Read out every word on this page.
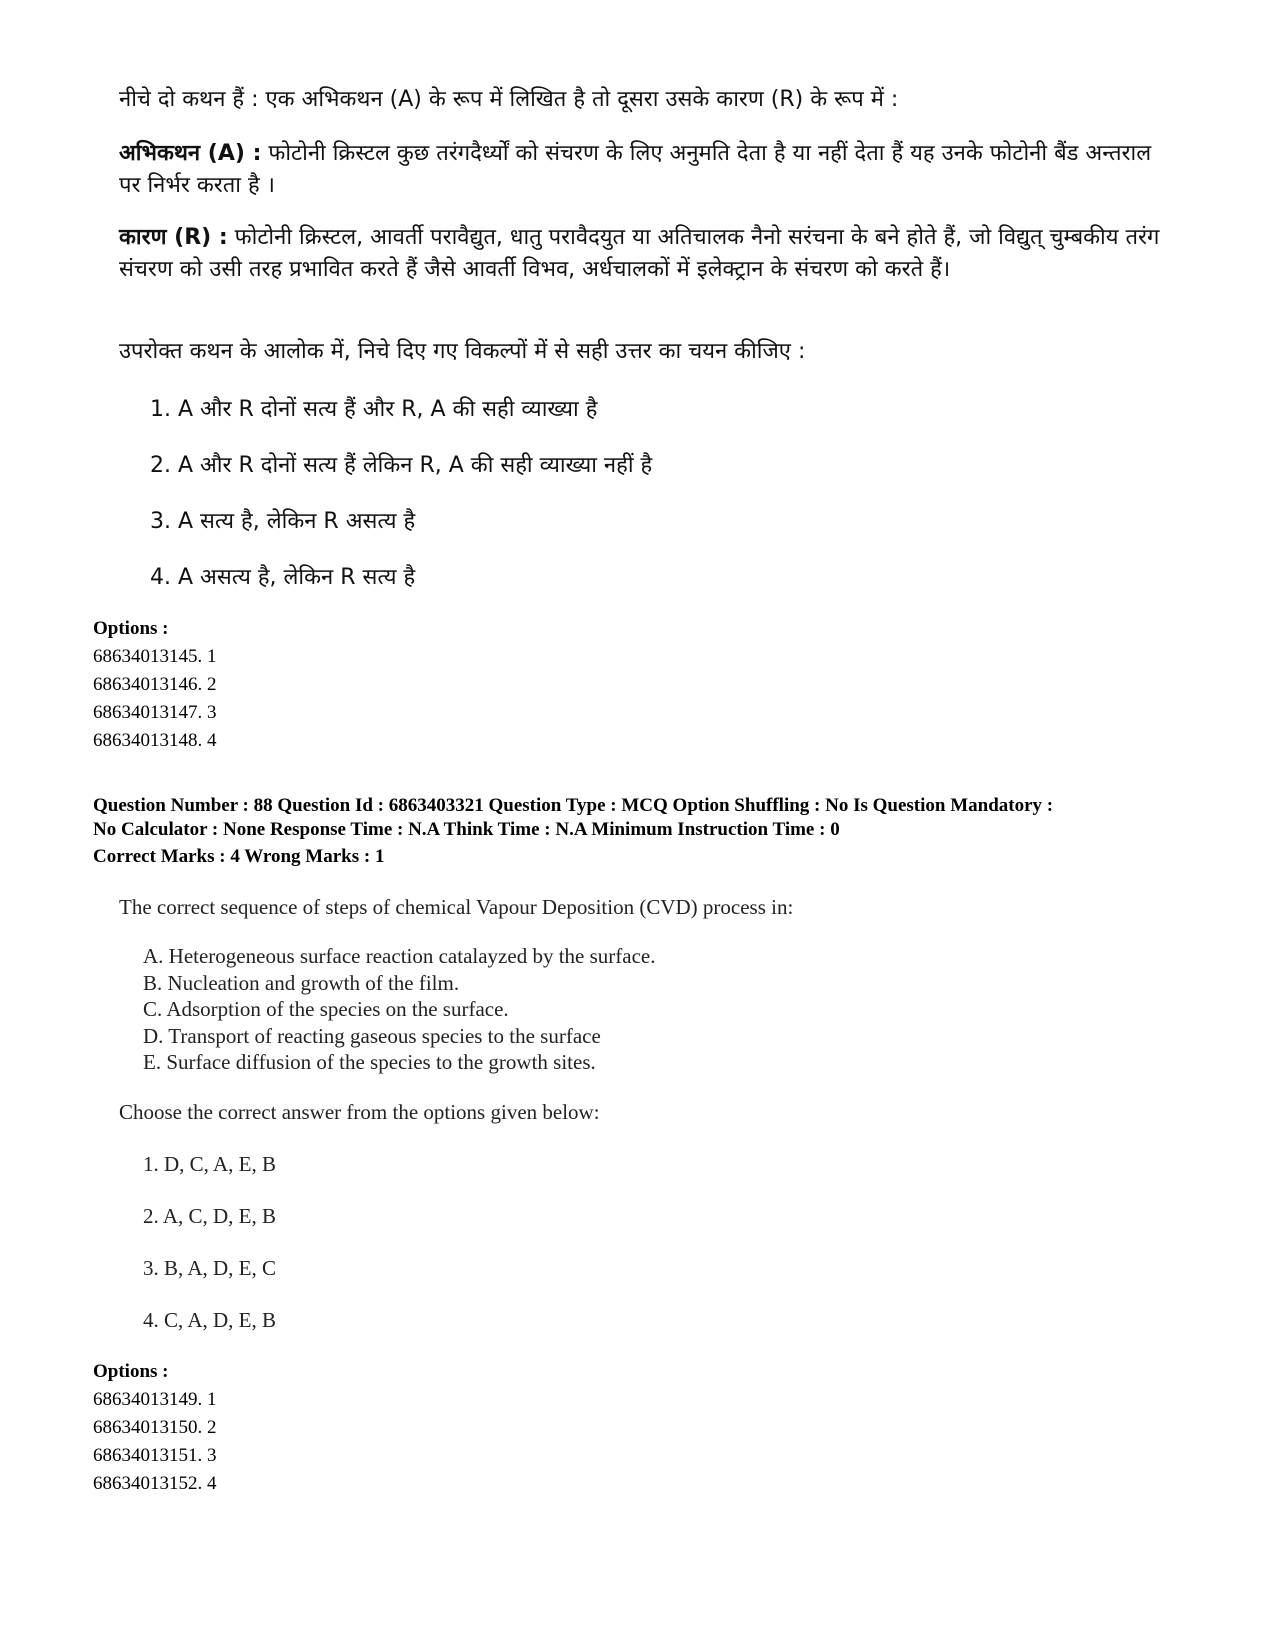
नीचे दो कथन हैं : एक अभिकथन (A) के रूप में लिखित है तो दूसरा उसके कारण (R) के रूप में :
अभिकथन (A) : फोटोनी क्रिस्टल कुछ तरंगदैर्ध्यों को संचरण के लिए अनुमति देता है या नहीं देता हैं यह उनके फोटोनी बैंड अन्तराल पर निर्भर करता है ।
कारण (R) : फोटोनी क्रिस्टल, आवर्ती परावैद्युत, धातु परावैदयुत या अतिचालक नैनो सरंचना के बने होते हैं, जो विद्युत् चुम्बकीय तरंग संचरण को उसी तरह प्रभावित करते हैं जैसे आवर्ती विभव, अर्धचालकों में इलेक्ट्रान के संचरण को करते हैं।
उपरोक्त कथन के आलोक में, निचे दिए गए विकल्पों में से सही उत्तर का चयन कीजिए :
1. A और R दोनों सत्य हैं और R, A की सही व्याख्या है
2. A और R दोनों सत्य हैं लेकिन R, A की सही व्याख्या नहीं है
3. A सत्य है, लेकिन R असत्य है
4. A असत्य है, लेकिन R सत्य है
Options :
68634013145. 1
68634013146. 2
68634013147. 3
68634013148. 4
Question Number : 88 Question Id : 6863403321 Question Type : MCQ Option Shuffling : No Is Question Mandatory :
No Calculator : None Response Time : N.A Think Time : N.A Minimum Instruction Time : 0
Correct Marks : 4 Wrong Marks : 1
The correct sequence of steps of chemical Vapour Deposition (CVD) process in:
A. Heterogeneous surface reaction catalayzed by the surface.
B. Nucleation and growth of the film.
C. Adsorption of the species on the surface.
D. Transport of reacting gaseous species to the surface
E. Surface diffusion of the species to the growth sites.
Choose the correct answer from the options given below:
1. D, C, A, E, B
2. A, C, D, E, B
3. B, A, D, E, C
4. C, A, D, E, B
Options :
68634013149. 1
68634013150. 2
68634013151. 3
68634013152. 4
